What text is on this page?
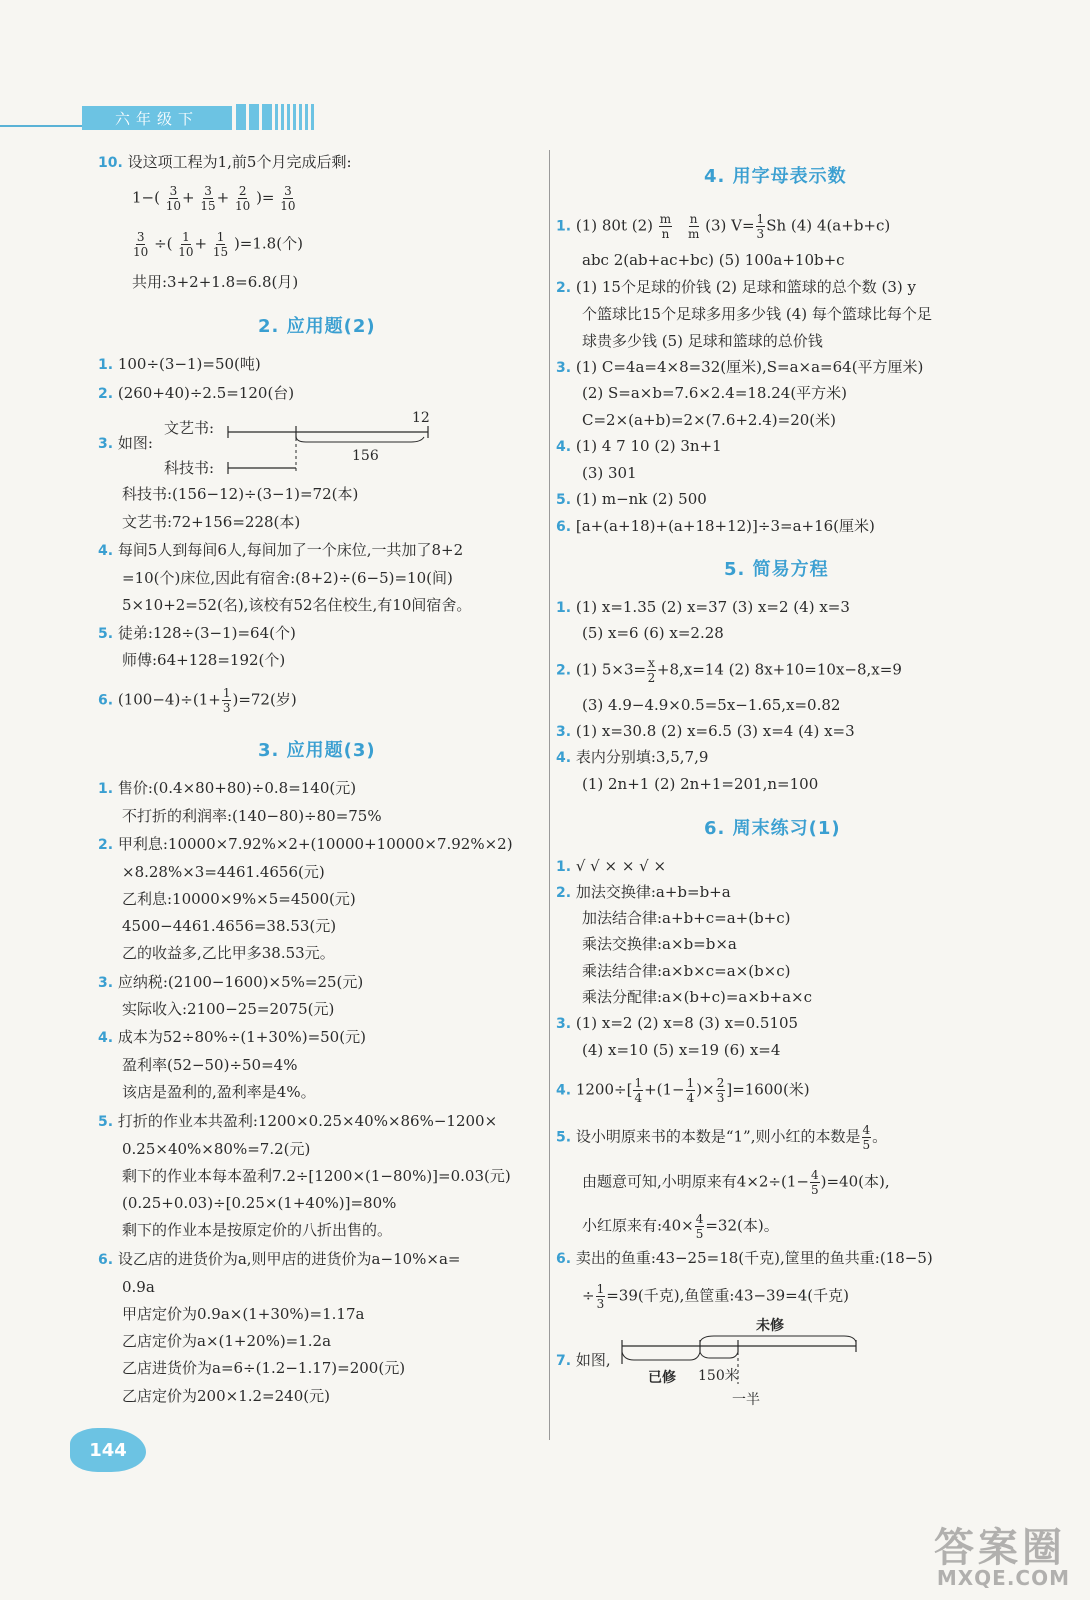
六年级下
10. 设这项工程为1,前5个月完成后剩:
$1-( \frac{3}{10} + \frac{3}{15} + \frac{2}{10}$ )= $\frac{3}{10}$
$\frac{3}{10}$ ÷( $\frac{1}{10} + \frac{1}{15} )=1.8$(个)
共用:3+2+1.8=6.8(月)
2. 应用题(2)
1. 100÷(3−1)=50(吨)
2. (260+40)÷2.5=120(台)
3. 如图:
文艺书:
科技书:
12
156
科技书:(156−12)÷(3−1)=72(本)
文艺书:72+156=228(本)
4. 每间5人到每间6人,每间加了一个床位,一共加了8+2
=10(个)床位,因此有宿舍:(8+2)÷(6−5)=10(间)
5×10+2=52(名),该校有52名住校生,有10间宿舍。
5. 徒弟:128÷(3−1)=64(个)
师傅:64+128=192(个)
6. $(100-4)\div(1+ \frac{1}{3} )=72$(岁)
3. 应用题(3)
1. 售价:(0.4×80+80)÷0.8=140(元)
不打折的利润率:(140−80)÷80=75%
2. 甲利息:10000×7.92%×2+(10000+10000×7.92%×2)
×8.28%×3=4461.4656(元)
乙利息:10000×9%×5=4500(元)
4500−4461.4656=38.53(元)
乙的收益多,乙比甲多38.53元。
3. 应纳税:(2100−1600)×5%=25(元)
实际收入:2100−25=2075(元)
4. 成本为52÷80%÷(1+30%)=50(元)
盈利率(52−50)÷50=4%
该店是盈利的,盈利率是4%。
5. 打折的作业本共盈利:1200×0.25×40%×86%−1200×
0.25×40%×80%=7.2(元)
剩下的作业本每本盈利7.2÷[1200×(1−80%)]=0.03(元)
(0.25+0.03)÷[0.25×(1+40%)]=80%
剩下的作业本是按原定价的八折出售的。
6. 设乙店的进货价为a,则甲店的进货价为a−10%×a=
0.9a
甲店定价为0.9a×(1+30%)=1.17a
乙店定价为a×(1+20%)=1.2a
乙店进货价为a=6÷(1.2−1.17)=200(元)
乙店定价为200×1.2=240(元)
4. 用字母表示数
1. (1) 80t $(2) \frac{m}{n}$
$\frac{n}{m} (3)$ $V= \frac{1}{3}$ Sh (4) 4(a+b+c)
abc 2(ab+ac+bc) (5) 100a+10b+c
2. (1) 15个足球的价钱 (2) 足球和篮球的总个数 (3) y
个篮球比15个足球多用多少钱 (4) 每个篮球比每个足
球贵多少钱 (5) 足球和篮球的总价钱
3. (1) C=4a=4×8=32(厘米),S=a×a=64(平方厘米)
(2) S=a×b=7.6×2.4=18.24(平方米)
C=2×(a+b)=2×(7.6+2.4)=20(米)
4. (1) 4 7 10 (2) 3n+1
(3) 301
5. (1) m−nk (2) 500
6. [a+(a+18)+(a+18+12)]÷3=a+16(厘米)
5. 简易方程
1. (1) x=1.35 (2) x=37 (3) x=2 (4) x=3
(5) x=6 (6) x=2.28
2. (1) $5\times 3= \frac{x}{2} +8,x=14$ (2) 8x+10=10x−8,x=9
(3) 4.9−4.9×0.5=5x−1.65,x=0.82
3. (1) x=30.8 (2) x=6.5 (3) x=4 (4) x=3
4. 表内分别填:3,5,7,9
(1) 2n+1 (2) 2n+1=201,n=100
6. 周末练习(1)
1. √ √ × × √ ×
2. 加法交换律:a+b=b+a
加法结合律:a+b+c=a+(b+c)
乘法交换律:a×b=b×a
乘法结合律:a×b×c=a×(b×c)
乘法分配律:a×(b+c)=a×b+a×c
3. (1) x=2 (2) x=8 (3) x=0.5105
(4) x=10 (5) x=19 (6) x=4
4. $1200\div[ \frac{1}{4} +(1- \frac{1}{4}$ )× $\frac{2}{3} ]=1600$(米)
5. 设小明原来书的本数是“1”,则小红的本数是 $\frac{4}{5}$ 。
由题意可知,小明原来有$4\times 2\div(1- \frac{4}{5} )=40$(本),
小红原来有:40× $\frac{4}{5} =32$(本)。
6. 卖出的鱼重:43−25=18(千克),筐里的鱼共重:(18−5)
÷ $\frac{1}{3} =39$(千克),鱼筐重:43−39=4(千克)
7. 如图,
未修
已修 150米
一半
144
答案圈
MXQE.COM
